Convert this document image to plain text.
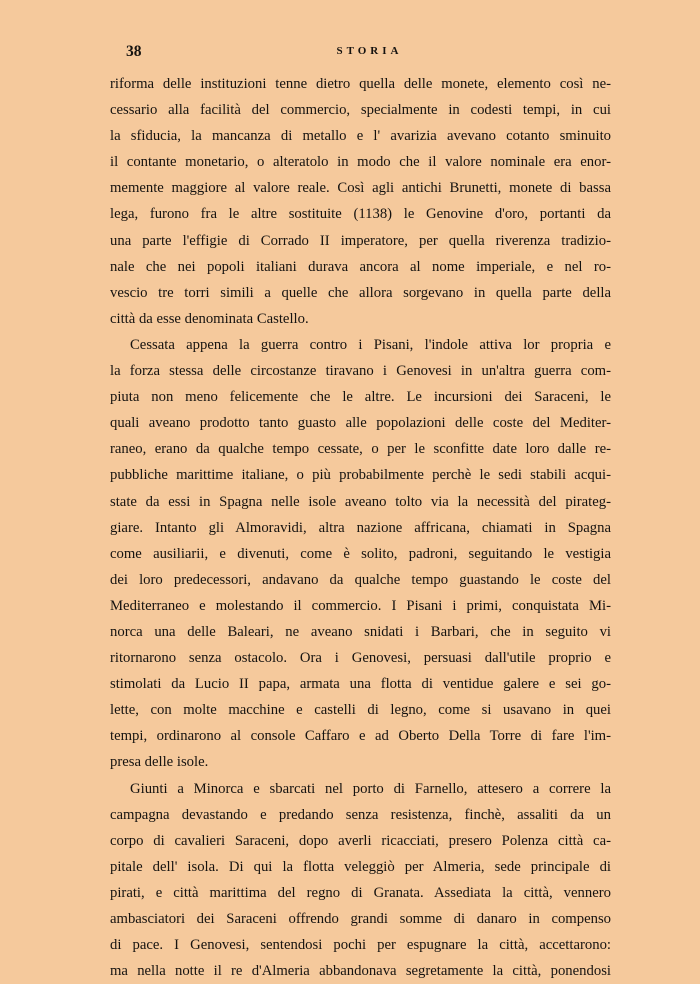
38	STORIA

riforma delle instituzioni tenne dietro quella delle monete, elemento così ne-
cessario alla facilità del commercio, specialmente in codesti tempi, in cui
la sfiducia, la mancanza di metallo e l' avarizia avevano cotanto sminuito
il contante monetario, o alteratolo in modo che il valore nominale era enor-
memente maggiore al valore reale. Così agli antichi Brunetti, monete di bassa
lega, furono fra le altre sostituite (1138) le Genovine d'oro, portanti da
una parte l'effigie di Corrado II imperatore, per quella riverenza tradizio-
nale che nei popoli italiani durava ancora al nome imperiale, e nel ro-
vescio tre torri simili a quelle che allora sorgevano in quella parte della
città da esse denominata Castello.

Cessata appena la guerra contro i Pisani, l'indole attiva lor propria e
la forza stessa delle circostanze tiravano i Genovesi in un'altra guerra com-
piuta non meno felicemente che le altre. Le incursioni dei Saraceni, le
quali aveano prodotto tanto guasto alle popolazioni delle coste del Mediter-
raneo, erano da qualche tempo cessate, o per le sconfitte date loro dalle re-
pubbliche marittime italiane, o più probabilmente perchè le sedi stabili acqui-
state da essi in Spagna nelle isole aveano tolto via la necessità del pirateg-
giare. Intanto gli Almoravidi, altra nazione affricana, chiamati in Spagna
come ausiliarii, e divenuti, come è solito, padroni, seguitando le vestigia
dei loro predecessori, andavano da qualche tempo guastando le coste del
Mediterraneo e molestando il commercio. I Pisani i primi, conquistata Mi-
norca una delle Baleari, ne aveano snidati i Barbari, che in seguito vi
ritornarono senza ostacolo. Ora i Genovesi, persuasi dall'utile proprio e
stimolati da Lucio II papa, armata una flotta di ventidue galere e sei go-
lette, con molte macchine e castelli di legno, come si usavano in quei
tempi, ordinarono al console Caffaro e ad Oberto Della Torre di fare l'im-
presa delle isole.

Giunti a Minorca e sbarcati nel porto di Farnello, attesero a correre la
campagna devastando e predando senza resistenza, finchè, assaliti da un
corpo di cavalieri Saraceni, dopo averli ricacciati, presero Polenza città ca-
pitale dell' isola. Di qui la flotta veleggiò per Almeria, sede principale di
pirati, e città marittima del regno di Granata. Assediata la città, vennero
ambasciatori dei Saraceni offrendo grandi somme di danaro in compenso
di pace. I Genovesi, sentendosi pochi per espugnare la città, accettarono:
ma nella notte il re d'Almeria abbandonava segretamente la città, ponendosi
